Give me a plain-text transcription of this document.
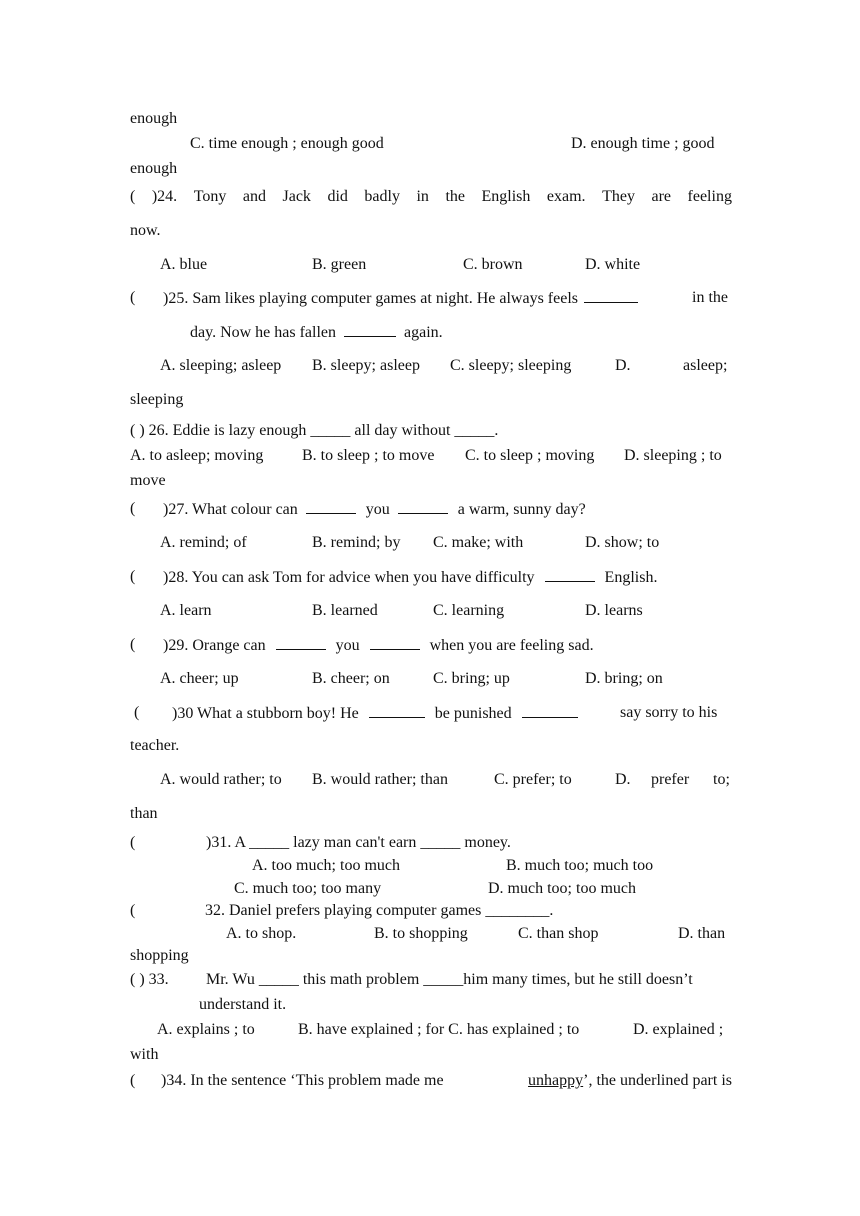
enough
C. time enough ; enough good	D. enough time ; good
enough
( )24. Tony and Jack did badly in the English exam. They are feeling
now.
A. blue	B. green	C. brown	D. white
( )25. Sam likes playing computer games at night. He always feels	in the
day. Now he has fallen	again.
A. sleeping; asleep B. sleepy; asleep C. sleepy; sleeping	D.	asleep;
sleeping
( ) 26. Eddie is lazy enough _____ all day without _____.
A. to asleep; moving B. to sleep ; to move C. to sleep ; moving D. sleeping ; to
move
( )27. What colour can	you	a warm, sunny day?
A. remind; of	B. remind; by C. make; with	D. show; to
( )28. You can ask Tom for advice when you have difficulty	English.
A. learn	B. learned	C. learning	D. learns
( )29. Orange can	you	when you are feeling sad.
A. cheer; up	B. cheer; on	C. bring; up	D. bring; on
( )30 What a stubborn boy! He	be punished	say sorry to his
teacher.
A. would rather; to B. would rather; than	C. prefer; to	D. prefer to;
than
(	)31. A _____ lazy man can't earn _____ money.
A. too much; too much	B. much too; much too
C. much too; too many	D. much too; too much
(	32. Daniel prefers playing computer games ________.
A. to shop.	B. to shopping	C. than shop	D. than
shopping
( ) 33. Mr. Wu _____ this math problem _____him many times, but he still doesn’t
understand it.
A. explains ; to	B. have explained ; for C. has explained ; to	D. explained ;
with
( )34. In the sentence ‘This problem made me	unhappy’, the underlined part is
